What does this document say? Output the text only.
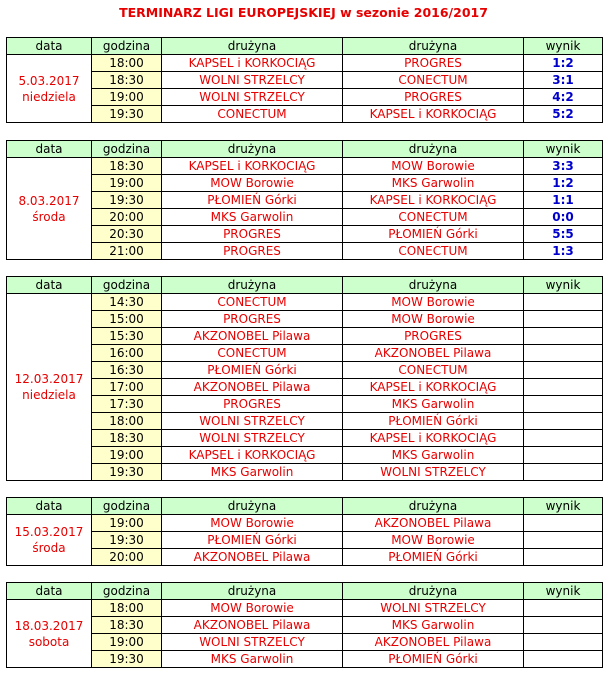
TERMINARZ LIGI EUROPEJSKIEJ w sezonie 2016/2017
data	godzina	drużyna	drużyna	wynik
5.03.2017
niedziela	18:00	KAPSEL i KORKOCIĄG	PROGRES	1:2
	18:30	WOLNI STRZELCY	CONECTUM	3:1
	19:00	WOLNI STRZELCY	PROGRES	4:2
	19:30	CONECTUM	KAPSEL i KORKOCIĄG	5:2
data	godzina	drużyna	drużyna	wynik
8.03.2017
środa	18:30	KAPSEL i KORKOCIĄG	MOW Borowie	3:3
	19:00	MOW Borowie	MKS Garwolin	1:2
	19:30	PŁOMIEŃ Górki	KAPSEL i KORKOCIĄG	1:1
	20:00	MKS Garwolin	CONECTUM	0:0
	20:30	PROGRES	PŁOMIEŃ Górki	5:5
	21:00	PROGRES	CONECTUM	1:3
data	godzina	drużyna	drużyna	wynik
12.03.2017
niedziela	14:30	CONECTUM	MOW Borowie	
	15:00	PROGRES	MOW Borowie	
	15:30	AKZONOBEL Pilawa	PROGRES	
	16:00	CONECTUM	AKZONOBEL Pilawa	
	16:30	PŁOMIEŃ Górki	CONECTUM	
	17:00	AKZONOBEL Pilawa	KAPSEL i KORKOCIĄG	
	17:30	PROGRES	MKS Garwolin	
	18:00	WOLNI STRZELCY	PŁOMIEŃ Górki	
	18:30	WOLNI STRZELCY	KAPSEL i KORKOCIĄG	
	19:00	KAPSEL i KORKOCIĄG	MKS Garwolin	
	19:30	MKS Garwolin	WOLNI STRZELCY	
data	godzina	drużyna	drużyna	wynik
15.03.2017
środa	19:00	MOW Borowie	AKZONOBEL Pilawa	
	19:30	PŁOMIEŃ Górki	MOW Borowie	
	20:00	AKZONOBEL Pilawa	PŁOMIEŃ Górki	
data	godzina	drużyna	drużyna	wynik
18.03.2017
sobota	18:00	MOW Borowie	WOLNI STRZELCY	
	18:30	AKZONOBEL Pilawa	MKS Garwolin	
	19:00	WOLNI STRZELCY	AKZONOBEL Pilawa	
	19:30	MKS Garwolin	PŁOMIEŃ Górki	
